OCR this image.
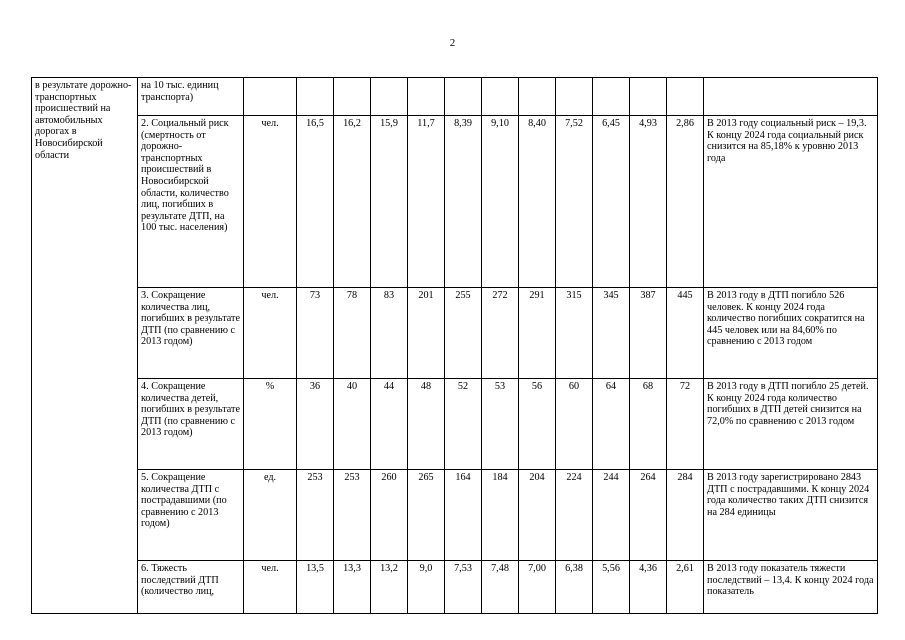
2
в результате дорожно-транспортных происшествий на автомобильных дорогах в Новосибирской области	на 10 тыс. единиц транспорта)													
	2. Социальный риск (смертность от дорожно-транспортных происшествий в Новосибирской области, количество лиц, погибших в результате ДТП, на 100 тыс. населения)	чел.	16,5	16,2	15,9	11,7	8,39	9,10	8,40	7,52	6,45	4,93	2,86	В 2013 году социальный риск – 19,3. К концу 2024 года социальный риск снизится на 85,18% к уровню 2013 года
	3. Сокращение количества лиц, погибших в результате ДТП (по сравнению с 2013 годом)	чел.	73	78	83	201	255	272	291	315	345	387	445	В 2013 году в ДТП погибло 526 человек. К концу 2024 года количество погибших сократится на 445 человек или на 84,60% по сравнению с 2013 годом
	4. Сокращение количества детей, погибших в результате ДТП (по сравнению с 2013 годом)	%	36	40	44	48	52	53	56	60	64	68	72	В 2013 году в ДТП погибло 25 детей. К концу 2024 года количество погибших в ДТП детей снизится на 72,0% по сравнению с 2013 годом
	5. Сокращение количества ДТП с пострадавшими (по сравнению с 2013 годом)	ед.	253	253	260	265	164	184	204	224	244	264	284	В 2013 году зарегистрировано 2843 ДТП с пострадавшими. К концу 2024 года количество таких ДТП снизится на 284 единицы
	6. Тяжесть последствий ДТП (количество лиц,	чел.	13,5	13,3	13,2	9,0	7,53	7,48	7,00	6,38	5,56	4,36	2,61	В 2013 году показатель тяжести последствий – 13,4. К концу 2024 года показатель
